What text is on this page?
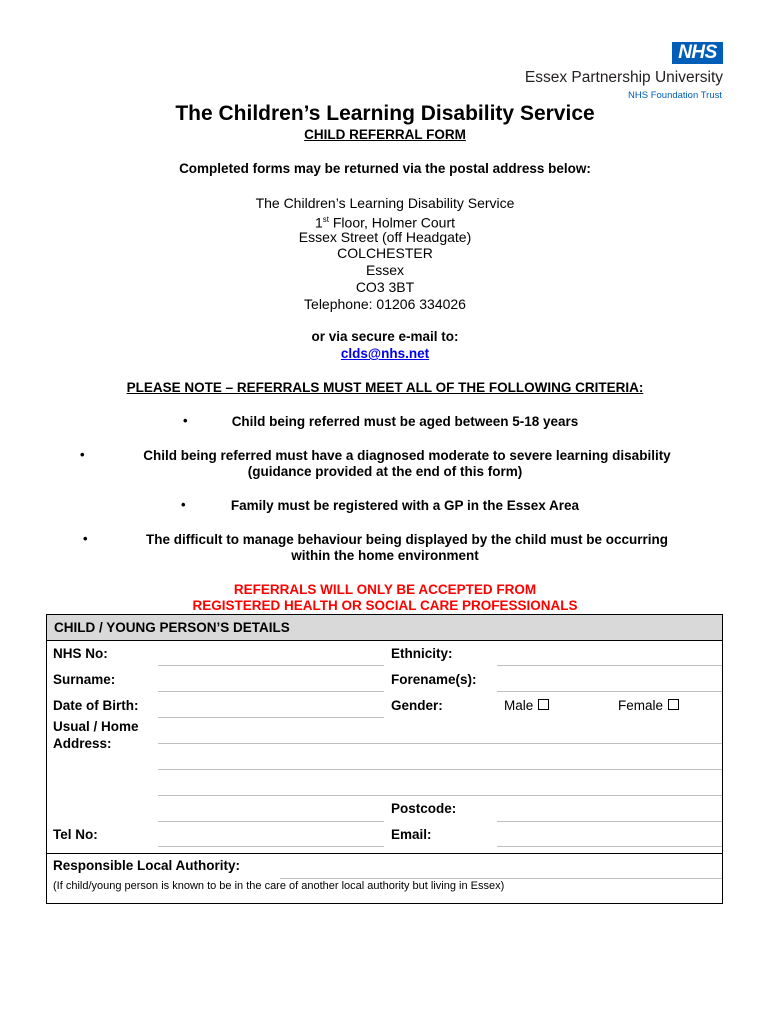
NHS
Essex Partnership University
NHS Foundation Trust
The Children’s Learning Disability Service
CHILD REFERRAL FORM
Completed forms may be returned via the postal address below:
The Children’s Learning Disability Service
1st Floor, Holmer Court
Essex Street (off Headgate)
COLCHESTER
Essex
CO3 3BT
Telephone: 01206 334026
or via secure e-mail to:
clds@nhs.net
PLEASE NOTE – REFERRALS MUST MEET ALL OF THE FOLLOWING CRITERIA:
•	Child being referred must be aged between 5-18 years
•	Child being referred must have a diagnosed moderate to severe learning disability
(guidance provided at the end of this form)
•	Family must be registered with a GP in the Essex Area
•	The difficult to manage behaviour being displayed by the child must be occurring
within the home environment
REFERRALS WILL ONLY BE ACCEPTED FROM
REGISTERED HEALTH OR SOCIAL CARE PROFESSIONALS
CHILD / YOUNG PERSON’S DETAILS
NHS No:	Ethnicity:
Surname:	Forename(s):
Date of Birth:	Gender:	Male	Female
Usual / Home
Address:
Postcode:
Tel No:	Email:
Responsible Local Authority:
(If child/young person is known to be in the care of another local authority but living in Essex)
